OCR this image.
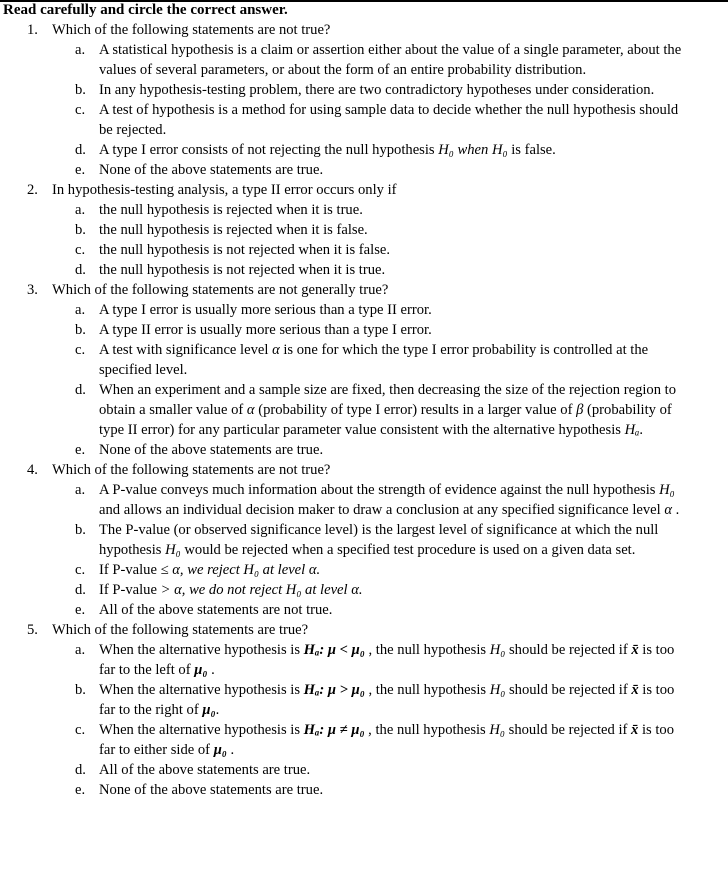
Read carefully and circle the correct answer.
1. Which of the following statements are not true?
a. A statistical hypothesis is a claim or assertion either about the value of a single parameter, about the values of several parameters, or about the form of an entire probability distribution.
b. In any hypothesis-testing problem, there are two contradictory hypotheses under consideration.
c. A test of hypothesis is a method for using sample data to decide whether the null hypothesis should be rejected.
d. A type I error consists of not rejecting the null hypothesis H₀ when H₀ is false.
e. None of the above statements are true.
2. In hypothesis-testing analysis, a type II error occurs only if
a. the null hypothesis is rejected when it is true.
b. the null hypothesis is rejected when it is false.
c. the null hypothesis is not rejected when it is false.
d. the null hypothesis is not rejected when it is true.
3. Which of the following statements are not generally true?
a. A type I error is usually more serious than a type II error.
b. A type II error is usually more serious than a type I error.
c. A test with significance level α is one for which the type I error probability is controlled at the specified level.
d. When an experiment and a sample size are fixed, then decreasing the size of the rejection region to obtain a smaller value of α (probability of type I error) results in a larger value of β (probability of type II error) for any particular parameter value consistent with the alternative hypothesis Hₐ.
e. None of the above statements are true.
4. Which of the following statements are not true?
a. A P-value conveys much information about the strength of evidence against the null hypothesis H₀ and allows an individual decision maker to draw a conclusion at any specified significance level α .
b. The P-value (or observed significance level) is the largest level of significance at which the null hypothesis H₀ would be rejected when a specified test procedure is used on a given data set.
c. If P-value ≤ α, we reject H₀ at level α.
d. If P-value > α, we do not reject H₀ at level α.
e. All of the above statements are not true.
5. Which of the following statements are true?
a. When the alternative hypothesis is Hₐ: μ < μ₀ , the null hypothesis H₀ should be rejected if x̄ is too far to the left of μ₀ .
b. When the alternative hypothesis is Hₐ: μ > μ₀ , the null hypothesis H₀ should be rejected if x̄ is too far to the right of μ₀.
c. When the alternative hypothesis is Hₐ: μ ≠ μ₀ , the null hypothesis H₀ should be rejected if x̄ is too far to either side of μ₀ .
d. All of the above statements are true.
e. None of the above statements are true.
